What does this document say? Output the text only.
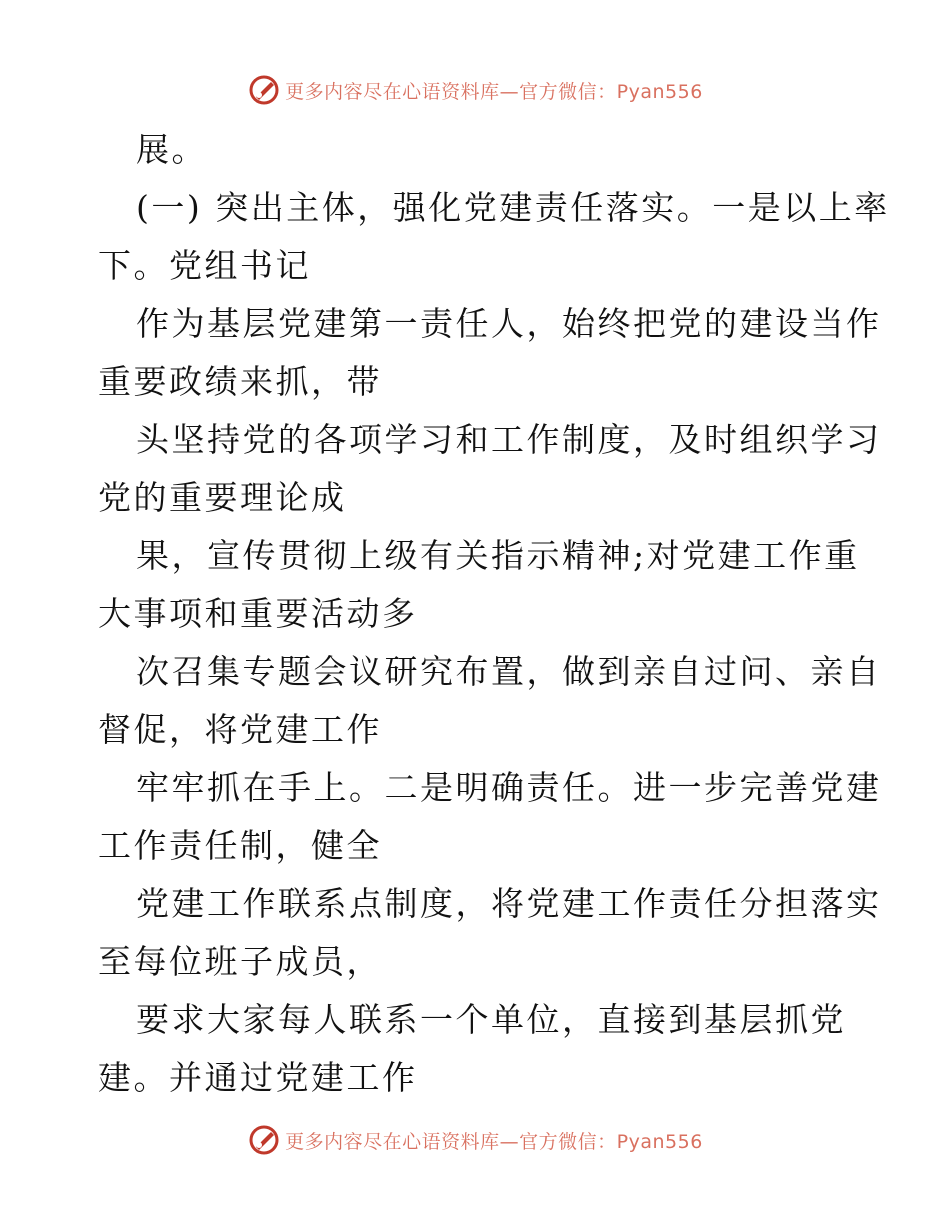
更多内容尽在心语资料库—官方微信：Pyan556
展。
(一) 突出主体，强化党建责任落实。一是以上率
下。党组书记
作为基层党建第一责任人，始终把党的建设当作
重要政绩来抓，带
头坚持党的各项学习和工作制度，及时组织学习
党的重要理论成
果，宣传贯彻上级有关指示精神;对党建工作重
大事项和重要活动多
次召集专题会议研究布置，做到亲自过问、亲自
督促，将党建工作
牢牢抓在手上。二是明确责任。进一步完善党建
工作责任制，健全
党建工作联系点制度，将党建工作责任分担落实
至每位班子成员，
要求大家每人联系一个单位，直接到基层抓党
建。并通过党建工作
更多内容尽在心语资料库—官方微信：Pyan556
